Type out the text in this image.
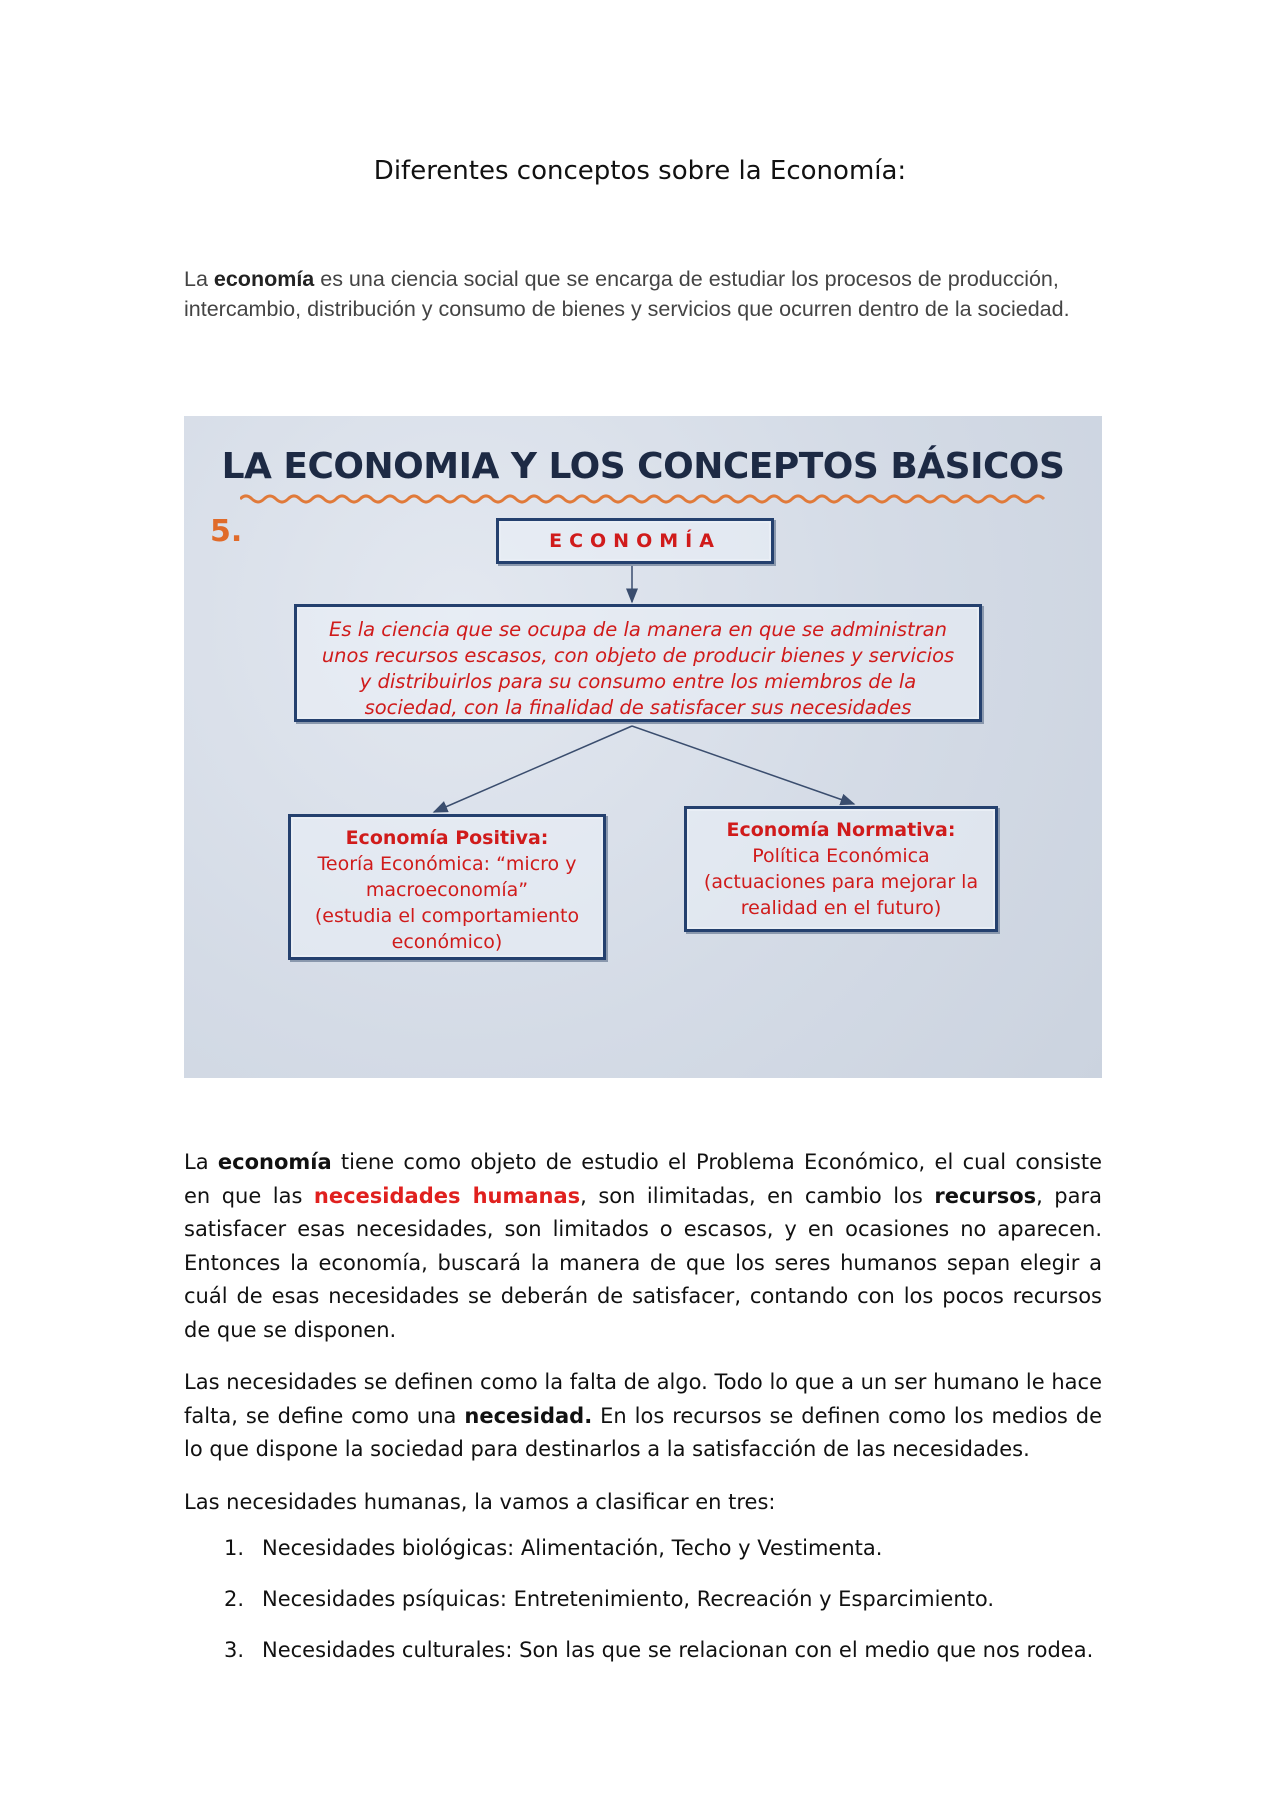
Diferentes conceptos sobre la Economía:
La economía es una ciencia social que se encarga de estudiar los procesos de producción, intercambio, distribución y consumo de bienes y servicios que ocurren dentro de la sociedad.
LA ECONOMIA Y LOS CONCEPTOS BÁSICOS
5.	ECONOMÍA
Es la ciencia que se ocupa de la manera en que se administran
unos recursos escasos, con objeto de producir bienes y servicios
y distribuirlos para su consumo entre los miembros de la
sociedad, con la finalidad de satisfacer sus necesidades
Economía Positiva:
Teoría Económica: “micro y
macroeconomía”
(estudia el comportamiento
económico)
Economía Normativa:
Política Económica
(actuaciones para mejorar la
realidad en el futuro)
La economía tiene como objeto de estudio el Problema Económico, el cual consiste en que las necesidades humanas, son ilimitadas, en cambio los recursos, para satisfacer esas necesidades, son limitados o escasos, y en ocasiones no aparecen. Entonces la economía, buscará la manera de que los seres humanos sepan elegir a cuál de esas necesidades se deberán de satisfacer, contando con los pocos recursos de que se disponen.
Las necesidades se definen como la falta de algo. Todo lo que a un ser humano le hace falta, se define como una necesidad. En los recursos se definen como los medios de lo que dispone la sociedad para destinarlos a la satisfacción de las necesidades.
Las necesidades humanas, la vamos a clasificar en tres:
1. Necesidades biológicas: Alimentación, Techo y Vestimenta.
2. Necesidades psíquicas: Entretenimiento, Recreación y Esparcimiento.
3. Necesidades culturales: Son las que se relacionan con el medio que nos rodea.
